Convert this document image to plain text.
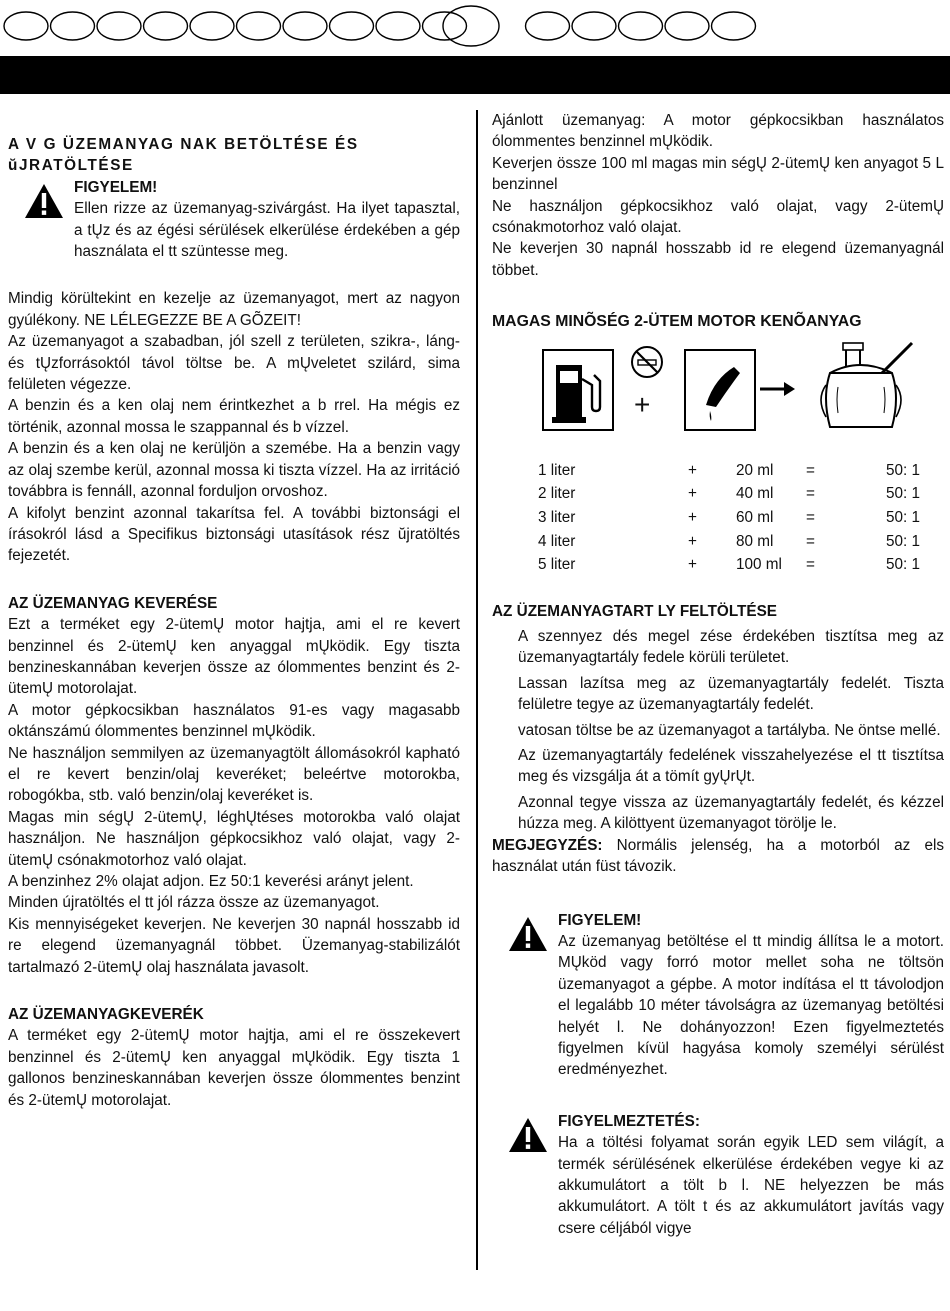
A V G ÜZEMANYAG NAK BETÖLTÉSE ÉS
ŭJRATÖLTÉSE

FIGYELEM!

Ellen rizze az üzemanyag-szivárgást. Ha ilyet tapasztal, a tŲz és az égési sérülések elkerülése érdekében a gép használata el tt szüntesse meg.

Mindig körültekint en kezelje az üzemanyagot, mert az nagyon gyúlékony. NE LÉLEGEZZE BE A GÕZEIT!

Az üzemanyagot a szabadban, jól szell z területen, szikra-, láng- és tŲzforrásoktól távol töltse be. A mŲveletet szilárd, sima felületen végezze.

A benzin és a ken olaj nem érintkezhet a b rrel. Ha mégis ez történik, azonnal mossa le szappannal és b vízzel.

A benzin és a ken olaj ne kerüljön a szemébe. Ha a benzin vagy az olaj szembe kerül, azonnal mossa ki tiszta vízzel. Ha az irritáció továbbra is fennáll, azonnal forduljon orvoshoz.

A kifolyt benzint azonnal takarítsa fel. A további biztonsági el írásokról lásd a Specifikus biztonsági utasítások rész ŭjratöltés fejezetét.

AZ ÜZEMANYAG KEVERÉSE

Ezt a terméket egy 2-ütemŲ motor hajtja, ami el re kevert benzinnel és 2-ütemŲ ken anyaggal mŲködik. Egy tiszta benzineskannában keverjen össze az ólommentes benzint és 2-ütemŲ motorolajat.

A motor gépkocsikban használatos 91-es vagy magasabb oktánszámú ólommentes benzinnel mŲködik.

Ne használjon semmilyen az üzemanyagtölt állomásokról kapható el re kevert benzin/olaj keveréket; beleértve motorokba, robogókba, stb. való benzin/olaj keveréket is.

Magas min ségŲ 2-ütemŲ, léghŲtéses motorokba való olajat használjon. Ne használjon gépkocsikhoz való olajat, vagy 2-ütemŲ csónakmotorhoz való olajat.

A benzinhez 2% olajat adjon. Ez 50:1 keverési arányt jelent.

Minden újratöltés el tt jól rázza össze az üzemanyagot.

Kis mennyiségeket keverjen. Ne keverjen 30 napnál hosszabb id re elegend üzemanyagnál többet. Üzemanyag-stabilizálót tartalmazó 2-ütemŲ olaj használata javasolt.

AZ ÜZEMANYAGKEVERÉK

A terméket egy 2-ütemŲ motor hajtja, ami el re összekevert benzinnel és 2-ütemŲ ken anyaggal mŲködik. Egy tiszta 1 gallonos benzineskannában keverjen össze ólommentes benzint és 2-ütemŲ motorolajat.

Ajánlott üzemanyag: A motor gépkocsikban használatos ólommentes benzinnel mŲködik.

Keverjen össze 100 ml magas min ségŲ 2-ütemŲ ken anyagot 5 L benzinnel

Ne használjon gépkocsikhoz való olajat, vagy 2-ütemŲ csónakmotorhoz való olajat.

Ne keverjen 30 napnál hosszabb id re elegend üzemanyagnál többet.

MAGAS MINÕSÉG 2-ÜTEM MOTOR KENÕANYAG

+
1 liter	+	20 ml	=	50: 1
2 liter	+	40 ml	=	50: 1
3 liter	+	60 ml	=	50: 1
4 liter	+	80 ml	=	50: 1
5 liter	+	100 ml	=	50: 1

AZ ÜZEMANYAGTART LY FELTÖLTÉSE

A szennyez dés megel zése érdekében tisztítsa meg az üzemanyagtartály fedele körüli területet.

Lassan lazítsa meg az üzemanyagtartály fedelét. Tiszta felületre tegye az üzemanyagtartály fedelét.

vatosan töltse be az üzemanyagot a tartályba. Ne öntse mellé.

Az üzemanyagtartály fedelének visszahelyezése el tt tisztítsa meg és vizsgálja át a tömít gyŲrŲt.

Azonnal tegye vissza az üzemanyagtartály fedelét, és kézzel húzza meg. A kilöttyent üzemanyagot törölje le.

MEGJEGYZÉS: Normális jelenség, ha a motorból az els használat után füst távozik.

FIGYELEM!

Az üzemanyag betöltése el tt mindig állítsa le a motort. MŲköd vagy forró motor mellet soha ne töltsön üzemanyagot a gépbe. A motor indítása el tt távolodjon el legalább 10 méter távolságra az üzemanyag betöltési helyét l. Ne dohányozzon! Ezen figyelmeztetés figyelmen kívül hagyása komoly személyi sérülést eredményezhet.

FIGYELMEZTETÉS:

Ha a töltési folyamat során egyik LED sem világít, a termék sérülésének elkerülése érdekében vegye ki az akkumulátort a tölt b l. NE helyezzen be más akkumulátort. A tölt t és az akkumulátort javítás vagy csere céljából vigye
